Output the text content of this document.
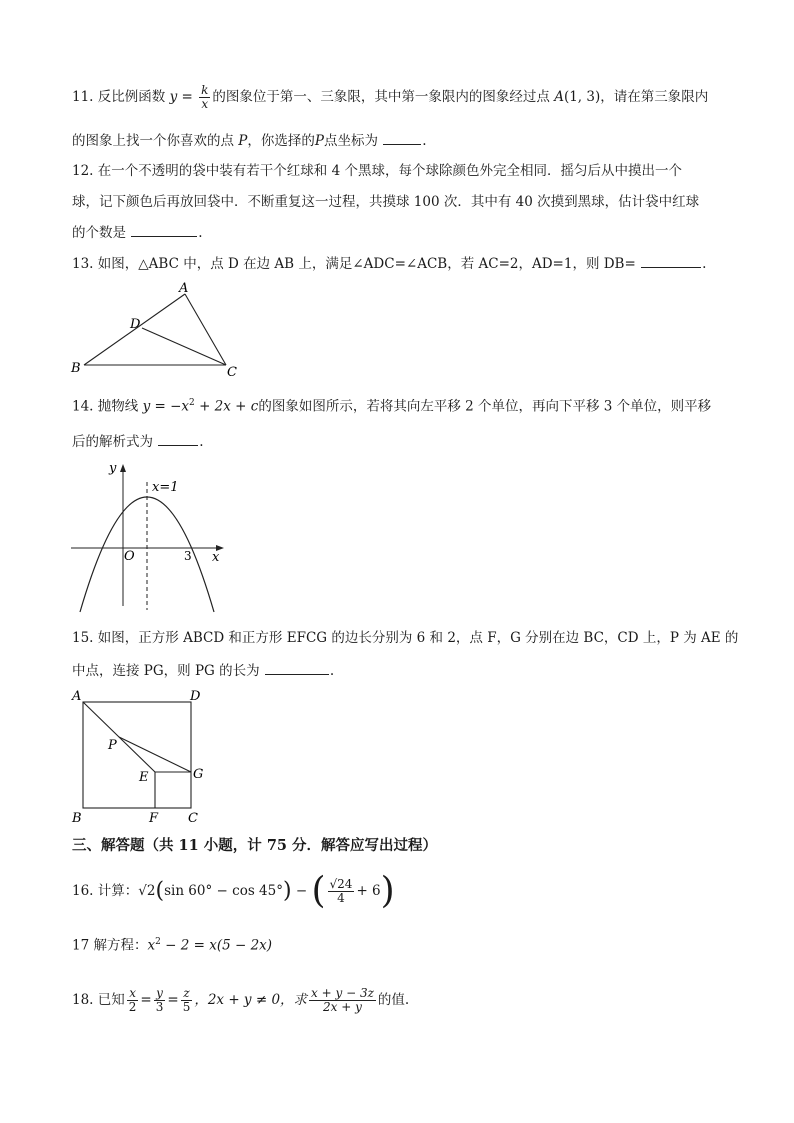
11. 反比例函数 $y = \frac{k}{x}$ 的图象位于第一、三象限，其中第一象限内的图象经过点 A(1, 3)，请在第三象限内
的图象上找一个你喜欢的点 P，你选择的P点坐标为	.
12. 在一个不透明的袋中装有若干个红球和 4 个黑球，每个球除颜色外完全相同．摇匀后从中摸出一个
球，记下颜色后再放回袋中．不断重复这一过程，共摸球 100 次．其中有 40 次摸到黑球，估计袋中红球
的个数是	.
13. 如图，△ABC 中，点 D 在边 AB 上，满足∠ADC=∠ACB，若 AC=2，AD=1，则 DB=	.
A
B	C
D
14. 抛物线 $y = -x^2 + 2x + c$的图象如图所示，若将其向左平移 2 个单位，再向下平移 3 个单位，则平移
后的解析式为	.
y
x
O	3
x=1
15. 如图，正方形 ABCD 和正方形 EFCG 的边长分别为 6 和 2，点 F，G 分别在边 BC，CD 上，P 为 AE 的
中点，连接 PG，则 PG 的长为	.
A	D
B	C
F
G
E
P
三、解答题（共 11 小题，计 75 分．解答应写出过程）
16. 计算：√2(sin 60° − cos 45°) − ( $\frac{√24}{4} + 6$)
17 解方程：$x^2 - 2 = x(5 - 2x)$
18. 已知 $\frac{x}{2} = \frac{y}{3} = \frac{z}{5}$ ，2x + y ≠ 0，求 $\frac{x + y - 3z}{2x + y}$ 的值.
